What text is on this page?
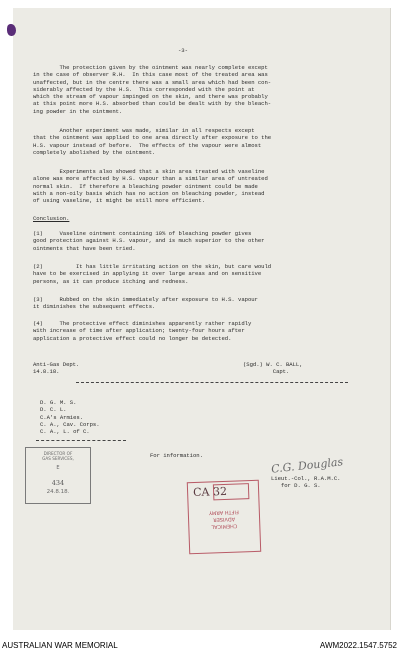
-3-
The protection given by the ointment was nearly complete except
in the case of observer R.H.  In this case most of the treated area was
unaffected, but in the centre there was a small area which had been con-
siderably affected by the H.S.  This corresponded with the point at
which the stream of vapour impinged on the skin, and there was probably
at this point more H.S. absorbed than could be dealt with by the bleach-
ing powder in the ointment.
Another experiment was made, similar in all respects except
that the ointment was applied to one area directly after exposure to the
H.S. vapour instead of before.  The effects of the vapour were almost
completely abolished by the ointment.
Experiments also showed that a skin area treated with vaseline
alone was more affected by H.S. vapour than a similar area of untreated
normal skin.  If therefore a bleaching powder ointment could be made
with a non-oily basis which has no action on bleaching powder, instead
of using vaseline, it might be still more efficient.
Conclusion.
(1)     Vaseline ointment containing 10% of bleaching powder gives
good protection against H.S. vapour, and is much superior to the other
ointments that have been tried.
(2)          It has little irritating action on the skin, but care would
have to be exercised in applying it over large areas and on sensitive
persons, as it can produce itching and redness.
(3)     Rubbed on the skin immediately after exposure to H.S. vapour
it diminishes the subsequent effects.
(4)     The protective effect diminishes apparently rather rapidly
with increase of time after application; twenty-four hours after
application a protective effect could no longer be detected.
Anti-Gas Dept.
14.8.18.
(Sgd.) W. C. BALL,
Capt.
D. G. M. S.
D. C. L.
C.A's Armies.
C. A., Cav. Corps.
C. A., L. of C.
For information.	C.G. Douglas
Lieut.-Col., R.A.M.C.
for D. G. S.
DIRECTOR OF
GAS SERVICES,
E
434
24.8.18.	CA 32
CHEMICAL
ADVISER
FIFTH ARMY
AUSTRALIAN WAR MEMORIAL	AWM2022.1547.5752
